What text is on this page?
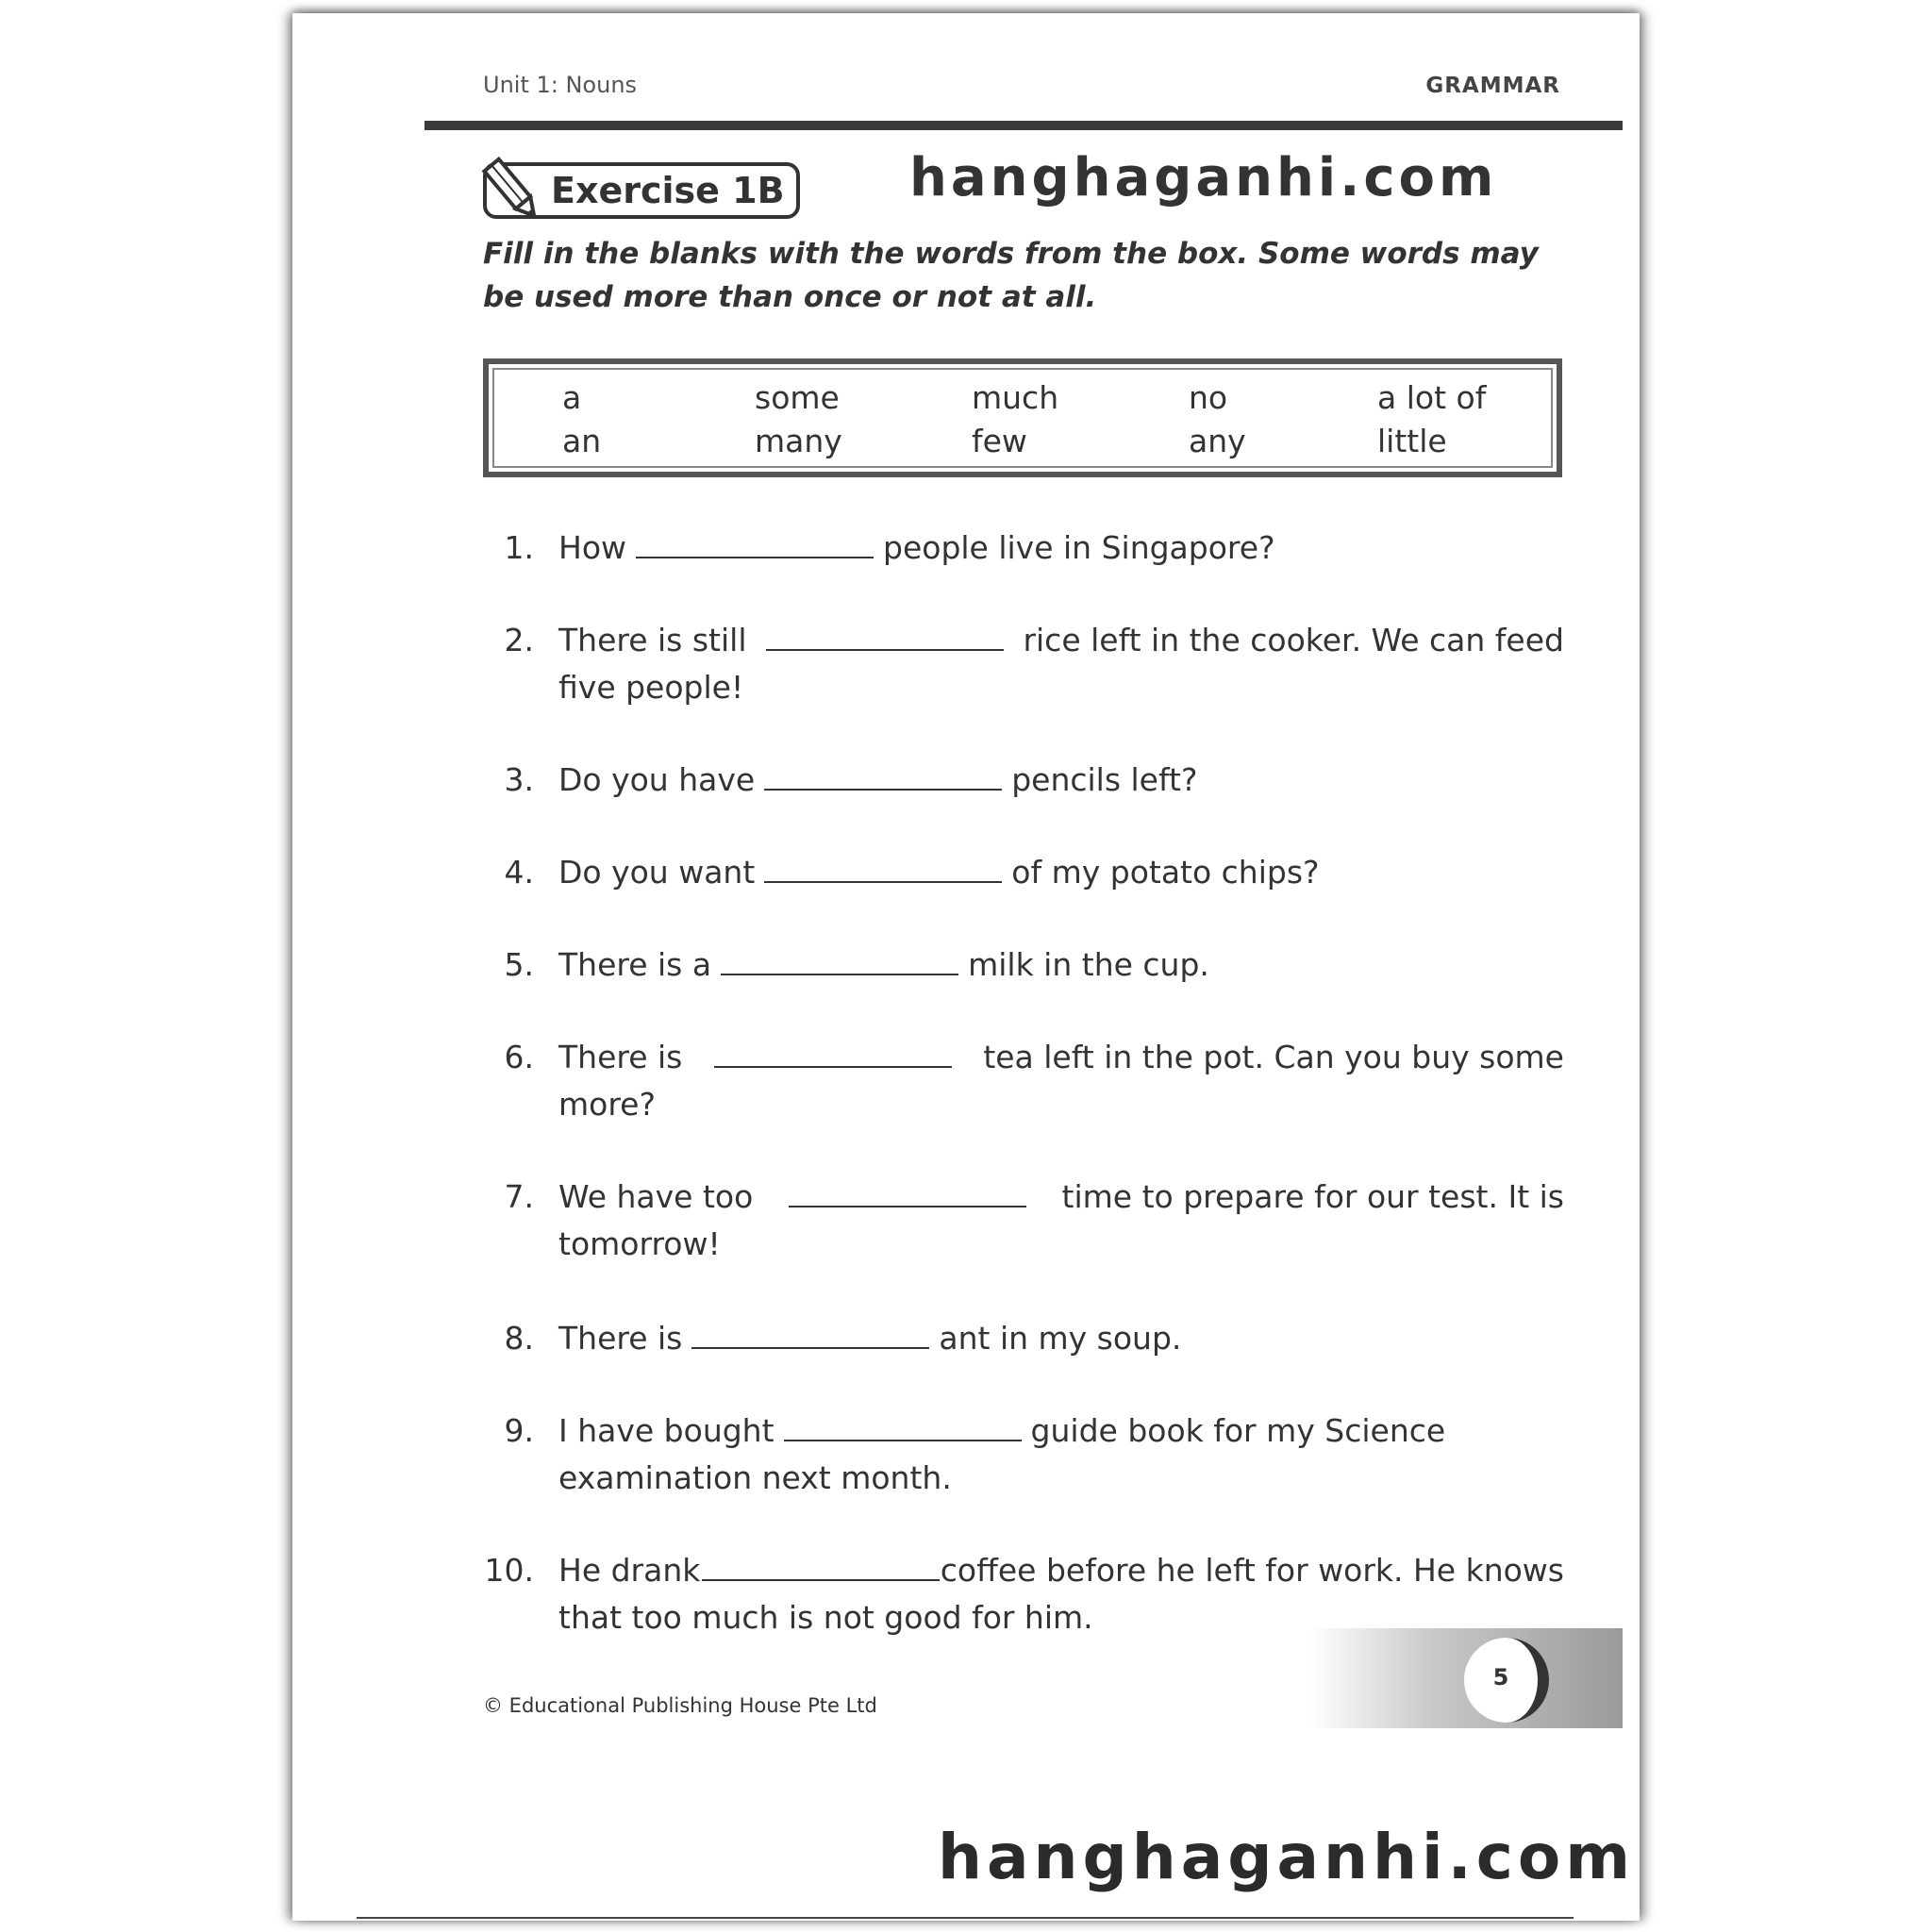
Unit 1: Nouns	GRAMMAR
Exercise 1B hanghaganhi.com
Fill in the blanks with the words from the box. Some words may be used more than once or not at all.
a	some	much	no	a lot of
an	many	few	any	little
1. How	people live in Singapore?
2. There is still	rice left in the cooker. We can feed
five people!
3. Do you have	pencils left?
4. Do you want	of my potato chips?
5. There is a	milk in the cup.
6. There is	tea left in the pot. Can you buy some
more?
7. We have too	time to prepare for our test. It is
tomorrow!
8. There is	ant in my soup.
9. I have bought	guide book for my Science
examination next month.
10. He drank	coffee before he left for work. He knows
that too much is not good for him.
5
© Educational Publishing House Pte Ltd
hanghaganhi.com
